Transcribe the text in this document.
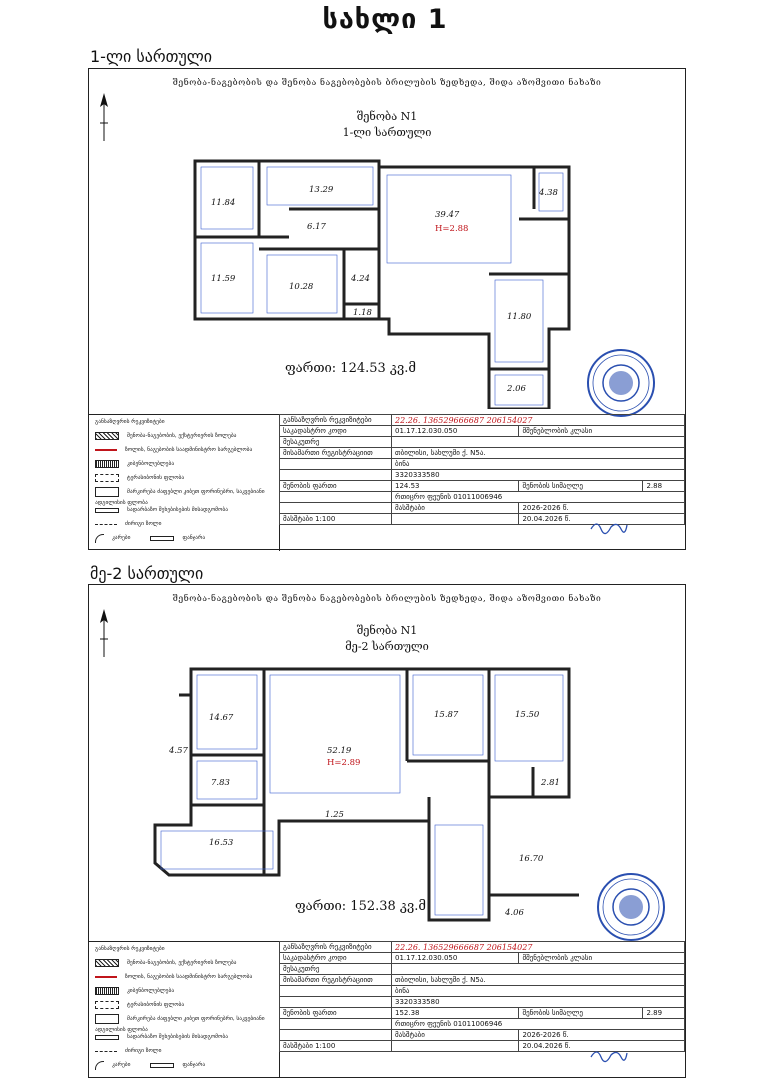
სახლი 1
1-ლი სართული
შენობა-ნაგებობის და შენობა ნაგებობების ბრილუბის ზედხედა, შიდა აზომვითი ნახაზი
შენობა N1
1-ლი სართული
11.84
13.29
6.17
39.47
4.38
11.59
10.28
4.24
1.18	11.80
2.06
H=2.88
ფართი: 124.53 კვ.მ
განსაზღვრის რეკვიზიტები
შენობა-ნაგებობის, ექსტერიერის ზოლება
ზოლის, ნაგებობის საადმინისტრო სარგებლობა
კიბენბოლებლება
ტერასიბონის ფლობა
მარკირება ძაფებლი კიბეთ ფორინებრი, საკვებიანი ადგილისის ფლობა
სადარბაზო შეხებისების მისადგომობა
ძირიგი ზოლი
კარები	ფანჯარა
განსაზღვრის რეკვიზიტები	22.26. 136529666687 206154027		
საკადასტრო კოდი	01.17.12.030.050	მშენებლობის კლასი	
მესაკუთრე			
მისამართი რეგისტრაციით	თბილისი, სახლუმი ქ. N5ა.		
	ბინა		
	3320333580		
შენობის ფართი	124.53	შენობის სიმაღლე	2.88
	რთიცრო ფეუნის 01011006946		
	მასშტაბი	2026-2026 წ.	
მასშტაბი 1:100		20.04.2026 წ.	
მე-2 სართული
შენობა-ნაგებობის და შენობა ნაგებობების ბრილუბის ზედხედა, შიდა აზომვითი ნახაზი
შენობა N1
მე-2 სართული
14.67
52.19
15.87	15.50
4.57
7.83	2.81
1.25
16.53
16.70
4.06
H=2.89
ფართი: 152.38 კვ.მ
განსაზღვრის რეკვიზიტები
შენობა-ნაგებობის, ექსტერიერის ზოლება
ზოლის, ნაგებობის საადმინისტრო სარგებლობა
კიბენბოლებლება
ტერასიბონის ფლობა
მარკირება ძაფებლი კიბეთ ფორინებრი, საკვებიანი ადგილისის ფლობა
სადარბაზო შეხებისების მისადგომობა
ძირიგი ზოლი
კარები	ფანჯარა
განსაზღვრის რეკვიზიტები	22.26. 136529666687 206154027		
საკადასტრო კოდი	01.17.12.030.050	მშენებლობის კლასი	
მესაკუთრე			
მისამართი რეგისტრაციით	თბილისი, სახლუმი ქ. N5ა.		
	ბინა		
	3320333580		
შენობის ფართი	152.38	შენობის სიმაღლე	2.89
	რთიცრო ფეუნის 01011006946		
	მასშტაბი	2026-2026 წ.	
მასშტაბი 1:100		20.04.2026 წ.	
